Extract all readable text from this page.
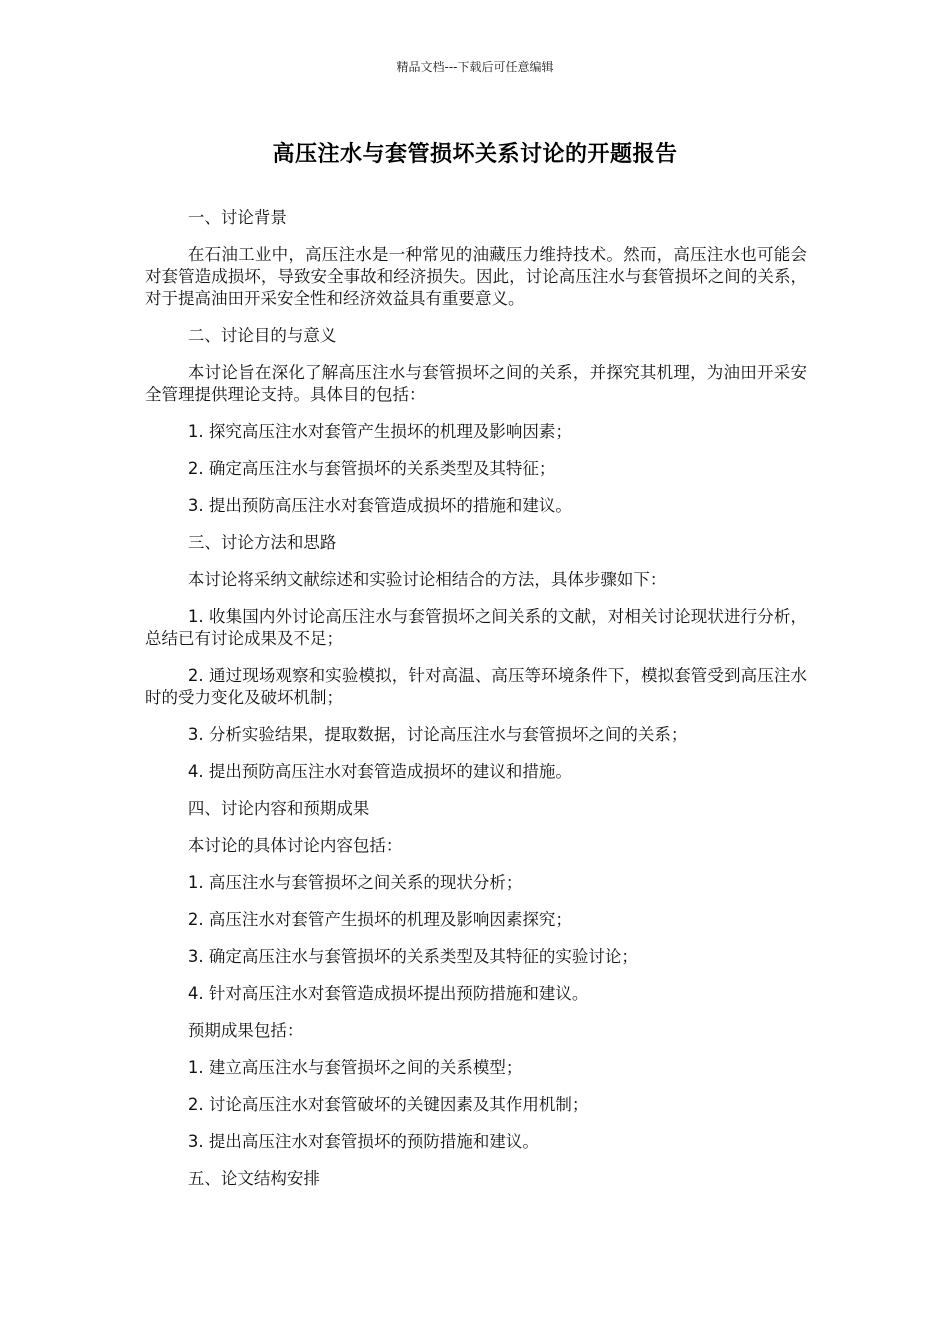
精品文档---下载后可任意编辑
高压注水与套管损坏关系讨论的开题报告

一、讨论背景

在石油工业中，高压注水是一种常见的油藏压力维持技术。然而，高压注水也可能会对套管造成损坏，导致安全事故和经济损失。因此，讨论高压注水与套管损坏之间的关系，对于提高油田开采安全性和经济效益具有重要意义。

二、讨论目的与意义

本讨论旨在深化了解高压注水与套管损坏之间的关系，并探究其机理，为油田开采安全管理提供理论支持。具体目的包括：

1. 探究高压注水对套管产生损坏的机理及影响因素；

2. 确定高压注水与套管损坏的关系类型及其特征；

3. 提出预防高压注水对套管造成损坏的措施和建议。

三、讨论方法和思路

本讨论将采纳文献综述和实验讨论相结合的方法，具体步骤如下：

1. 收集国内外讨论高压注水与套管损坏之间关系的文献，对相关讨论现状进行分析，总结已有讨论成果及不足；

2. 通过现场观察和实验模拟，针对高温、高压等环境条件下，模拟套管受到高压注水时的受力变化及破坏机制；

3. 分析实验结果，提取数据，讨论高压注水与套管损坏之间的关系；

4. 提出预防高压注水对套管造成损坏的建议和措施。

四、讨论内容和预期成果

本讨论的具体讨论内容包括：

1. 高压注水与套管损坏之间关系的现状分析；

2. 高压注水对套管产生损坏的机理及影响因素探究；

3. 确定高压注水与套管损坏的关系类型及其特征的实验讨论；

4. 针对高压注水对套管造成损坏提出预防措施和建议。

预期成果包括：

1. 建立高压注水与套管损坏之间的关系模型；

2. 讨论高压注水对套管破坏的关键因素及其作用机制；

3. 提出高压注水对套管损坏的预防措施和建议。

五、论文结构安排
